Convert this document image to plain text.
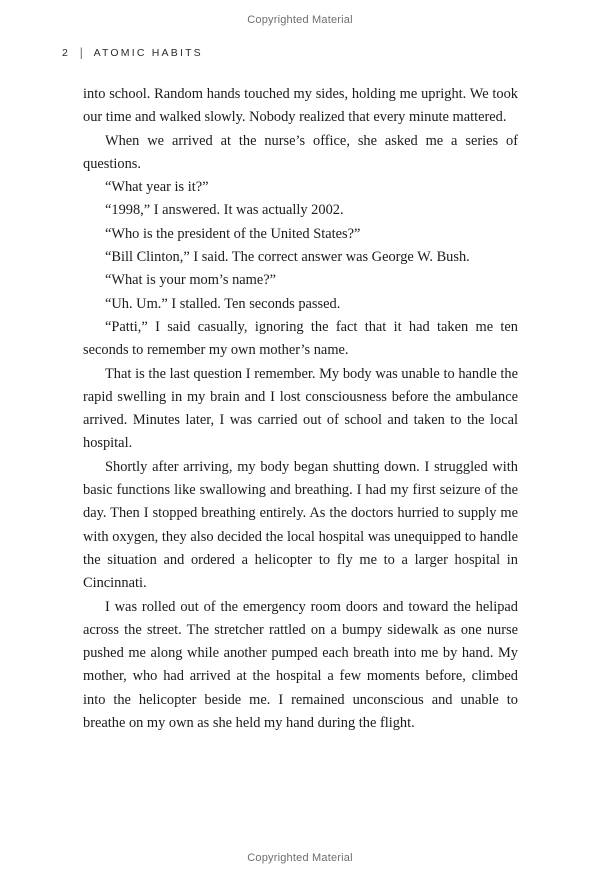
Copyrighted Material
2 | ATOMIC HABITS

into school. Random hands touched my sides, holding me upright. We took our time and walked slowly. Nobody realized that every minute mattered.

When we arrived at the nurse’s office, she asked me a series of questions.

“What year is it?”

“1998,” I answered. It was actually 2002.

“Who is the president of the United States?”

“Bill Clinton,” I said. The correct answer was George W. Bush.

“What is your mom’s name?”

“Uh. Um.” I stalled. Ten seconds passed.

“Patti,” I said casually, ignoring the fact that it had taken me ten seconds to remember my own mother’s name.

That is the last question I remember. My body was unable to handle the rapid swelling in my brain and I lost consciousness before the ambulance arrived. Minutes later, I was carried out of school and taken to the local hospital.

Shortly after arriving, my body began shutting down. I struggled with basic functions like swallowing and breathing. I had my first seizure of the day. Then I stopped breathing entirely. As the doctors hurried to supply me with oxygen, they also decided the local hospital was unequipped to handle the situation and ordered a helicopter to fly me to a larger hospital in Cincinnati.

I was rolled out of the emergency room doors and toward the helipad across the street. The stretcher rattled on a bumpy sidewalk as one nurse pushed me along while another pumped each breath into me by hand. My mother, who had arrived at the hospital a few moments before, climbed into the helicopter beside me. I remained unconscious and unable to breathe on my own as she held my hand during the flight.

Copyrighted Material
